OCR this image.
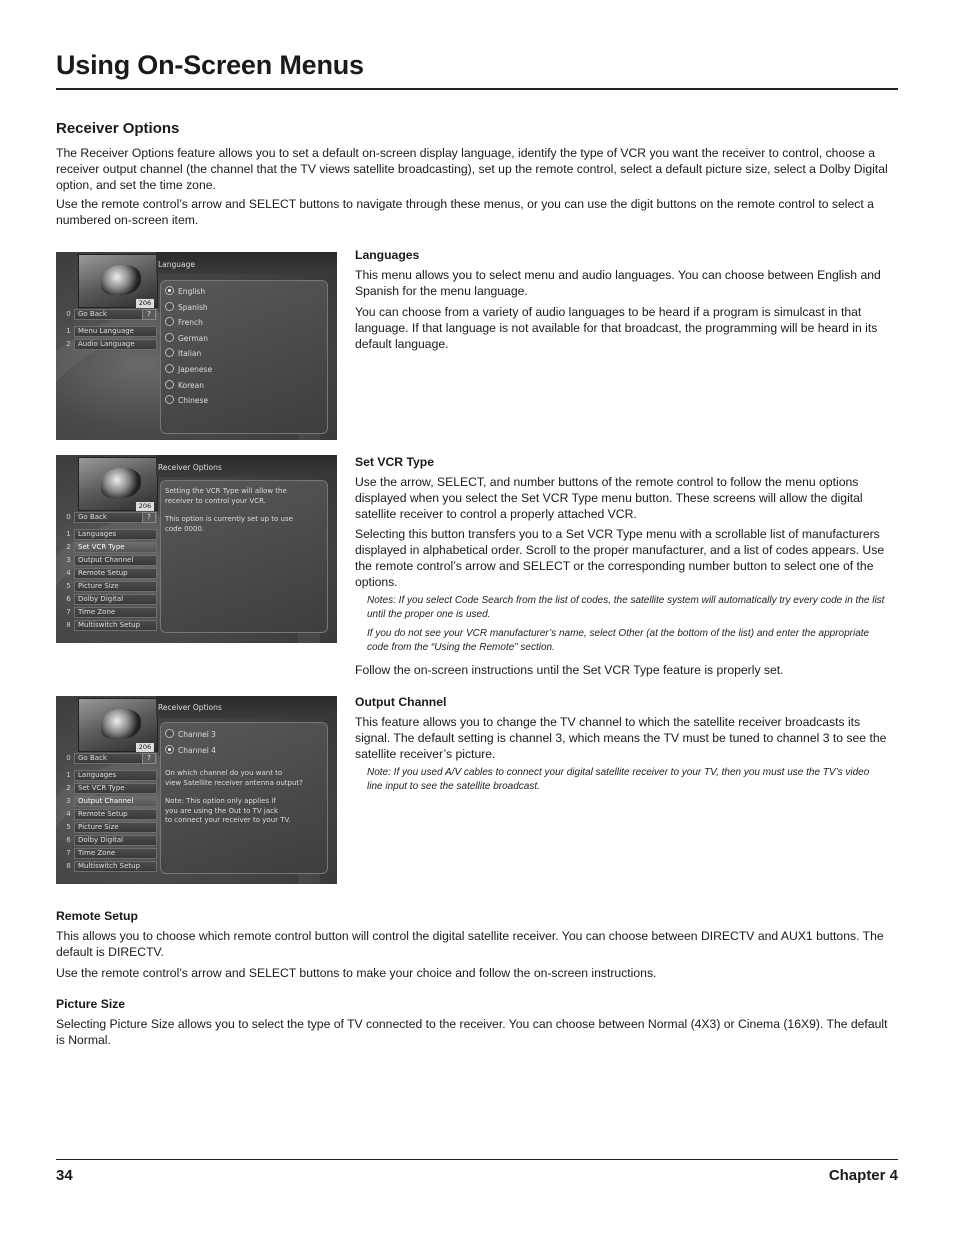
Using On-Screen Menus
Receiver Options

The Receiver Options feature allows you to set a default on-screen display language, identify the type of VCR you want the receiver to control, choose a receiver output channel (the channel that the TV views satellite broadcasting), set up the remote control, select a default picture size, select a Dolby Digital option, and set the time zone.

Use the remote control’s arrow and SELECT buttons to navigate through these menus, or you can use the digit buttons on the remote control to select a numbered on-screen item.

206
Language
0	Go Back	?
1	Menu Language
2	Audio Language
English
Spanish
French
German
Italian
Japenese
Korean
Chinese
Languages

This menu allows you to select menu and audio languages. You can choose between English and Spanish for the menu language.

You can choose from a variety of audio languages to be heard if a program is simulcast in that language. If that language is not available for that broadcast, the programming will be heard in its default language.

206
Receiver Options
0	Go Back	?
1	Languages
2	Set VCR Type
3	Output Channel
4	Remote Setup
5	Picture Size
6	Dolby Digital
7	Time Zone
8	Multiswitch Setup

Setting the VCR Type will allow the
receiver to control your VCR.

This option is currently set up to use
code 0000.

Set VCR Type

Use the arrow, SELECT, and number buttons of the remote control to follow the menu options displayed when you select the Set VCR Type menu button. These screens will allow the digital satellite receiver to control a properly attached VCR.

Selecting this button transfers you to a Set VCR Type menu with a scrollable list of manufacturers displayed in alphabetical order. Scroll to the proper manufacturer, and a list of codes appears. Use the remote control’s arrow and SELECT or the corresponding number button to select one of the options.

Notes: If you select Code Search from the list of codes, the satellite system will automatically try every code in the list until the proper one is used.

If you do not see your VCR manufacturer’s name, select Other (at the bottom of the list) and enter the appropriate code from the “Using the Remote” section.

Follow the on-screen instructions until the Set VCR Type feature is properly set.

206
Receiver Options
0	Go Back	?
1	Languages
2	Set VCR Type
3	Output Channel
4	Remote Setup
5	Picture Size
6	Dolby Digital
7	Time Zone
8	Multiswitch Setup
Channel 3
Channel 4

On which channel do you want to
view Satellite receiver antenna output?

Note: This option only applies if
you are using the Out to TV jack
to connect your receiver to your TV.

Output Channel

This feature allows you to change the TV channel to which the satellite receiver broadcasts its signal. The default setting is channel 3, which means the TV must be tuned to channel 3 to see the satellite receiver’s picture.

Note: If you used A/V cables to connect your digital satellite receiver to your TV, then you must use the TV’s video line input to see the satellite broadcast.

Remote Setup

This allows you to choose which remote control button will control the digital satellite receiver. You can choose between DIRECTV and AUX1 buttons. The default is DIRECTV.

Use the remote control’s arrow and SELECT buttons to make your choice and follow the on-screen instructions.

Picture Size

Selecting Picture Size allows you to select the type of TV connected to the receiver. You can choose between Normal (4X3) or Cinema (16X9). The default is Normal.

34	Chapter 4
